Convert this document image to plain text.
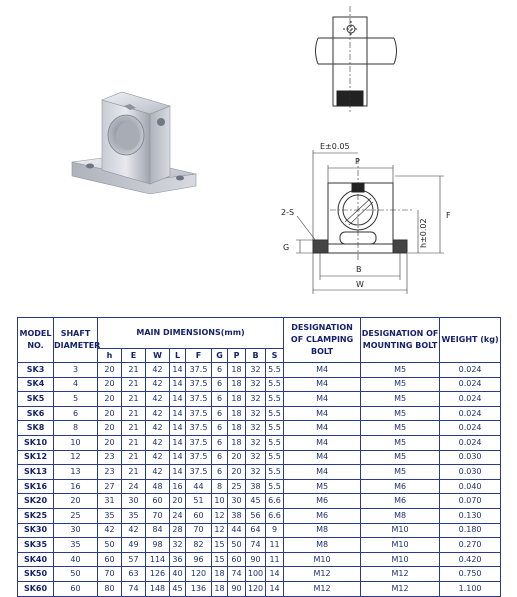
E±0.05
P
2-S
G	h±0.02
F
B
W
MODEL NO.	SHAFT DIAMETER	MAIN DIMENSIONS(mm)									DESIGNATION OF CLAMPING BOLT	DESIGNATION OF MOUNTING BOLT	WEIGHT (kg)
		h	E	W	L	F	G	P	B	S			
SK3	3	20	21	42	14	37.5	6	18	32	5.5	M4	M5	0.024
SK4	4	20	21	42	14	37.5	6	18	32	5.5	M4	M5	0.024
SK5	5	20	21	42	14	37.5	6	18	32	5.5	M4	M5	0.024
SK6	6	20	21	42	14	37.5	6	18	32	5.5	M4	M5	0.024
SK8	8	20	21	42	14	37.5	6	18	32	5.5	M4	M5	0.024
SK10	10	20	21	42	14	37.5	6	18	32	5.5	M4	M5	0.024
SK12	12	23	21	42	14	37.5	6	20	32	5.5	M4	M5	0.030
SK13	13	23	21	42	14	37.5	6	20	32	5.5	M4	M5	0.030
SK16	16	27	24	48	16	44	8	25	38	5.5	M5	M6	0.040
SK20	20	31	30	60	20	51	10	30	45	6.6	M6	M6	0.070
SK25	25	35	35	70	24	60	12	38	56	6.6	M6	M8	0.130
SK30	30	42	42	84	28	70	12	44	64	9	M8	M10	0.180
SK35	35	50	49	98	32	82	15	50	74	11	M8	M10	0.270
SK40	40	60	57	114	36	96	15	60	90	11	M10	M10	0.420
SK50	50	70	63	126	40	120	18	74	100	14	M12	M12	0.750
SK60	60	80	74	148	45	136	18	90	120	14	M12	M12	1.100
